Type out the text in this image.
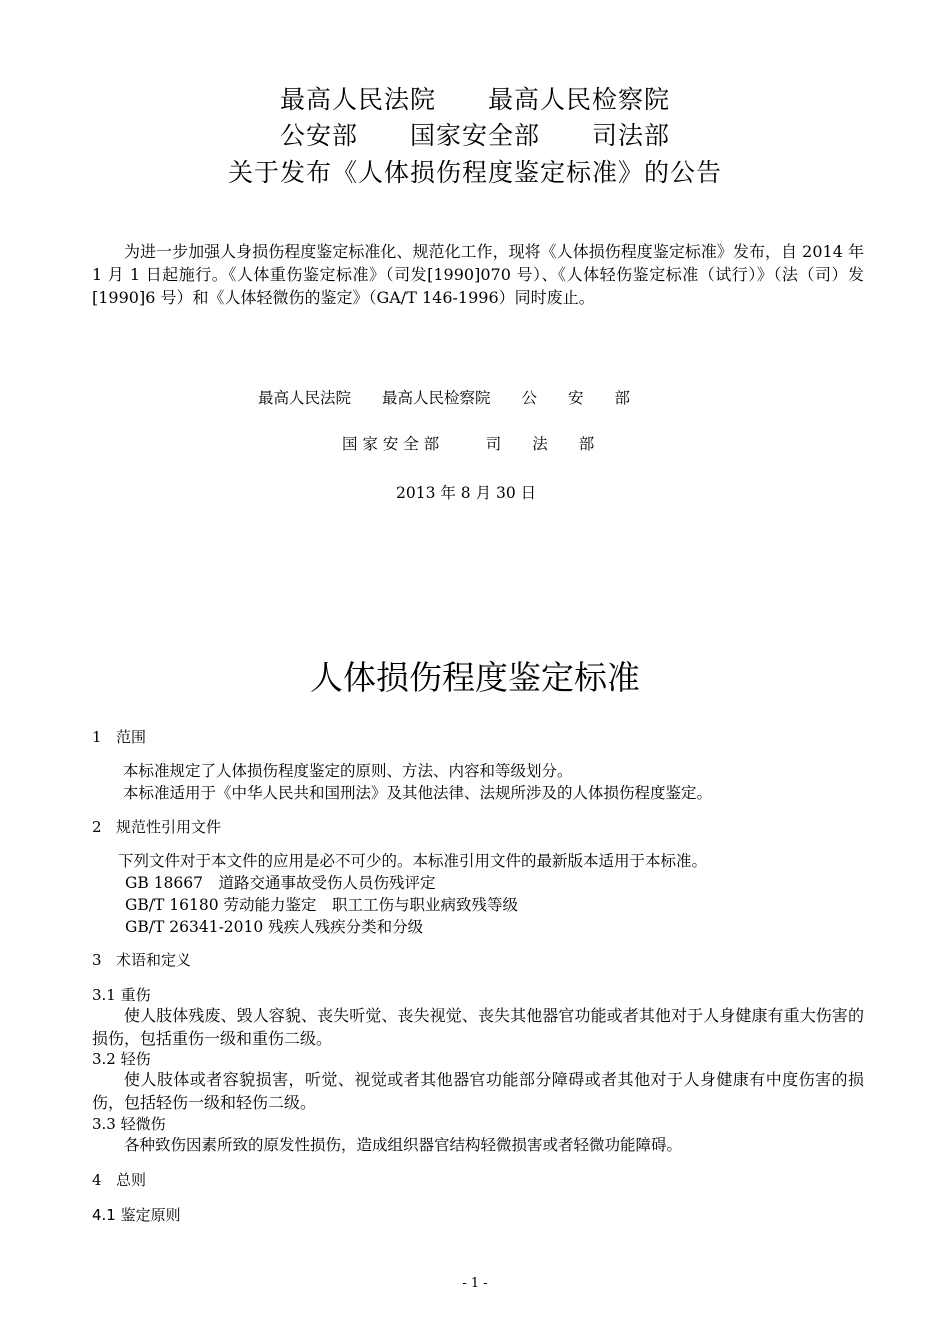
最高人民法院　　最高人民检察院
公安部　　国家安全部　　司法部
关于发布《人体损伤程度鉴定标准》的公告
为进一步加强人身损伤程度鉴定标准化、规范化工作，现将《人体损伤程度鉴定标准》发布，自 2014 年 1 月 1 日起施行。《人体重伤鉴定标准》（司发[1990]070 号）、《人体轻伤鉴定标准（试行）》（法（司）发[1990]6 号）和《人体轻微伤的鉴定》（GA/T 146-1996）同时废止。
最高人民法院　　最高人民检察院　　公　　安　　部
国 家 安 全 部　　　司　　法　　部
2013 年 8 月 30 日
人体损伤程度鉴定标准
1 范围
本标准规定了人体损伤程度鉴定的原则、方法、内容和等级划分。
本标准适用于《中华人民共和国刑法》及其他法律、法规所涉及的人体损伤程度鉴定。
2 规范性引用文件
下列文件对于本文件的应用是必不可少的。本标准引用文件的最新版本适用于本标准。
GB 18667　道路交通事故受伤人员伤残评定
GB/T 16180 劳动能力鉴定　职工工伤与职业病致残等级
GB/T 26341-2010 残疾人残疾分类和分级
3 术语和定义
3.1 重伤
使人肢体残废、毁人容貌、丧失听觉、丧失视觉、丧失其他器官功能或者其他对于人身健康有重大伤害的损伤，包括重伤一级和重伤二级。
3.2 轻伤
使人肢体或者容貌损害，听觉、视觉或者其他器官功能部分障碍或者其他对于人身健康有中度伤害的损伤，包括轻伤一级和轻伤二级。
3.3 轻微伤
各种致伤因素所致的原发性损伤，造成组织器官结构轻微损害或者轻微功能障碍。
4 总则
4.1 鉴定原则
- 1 -
